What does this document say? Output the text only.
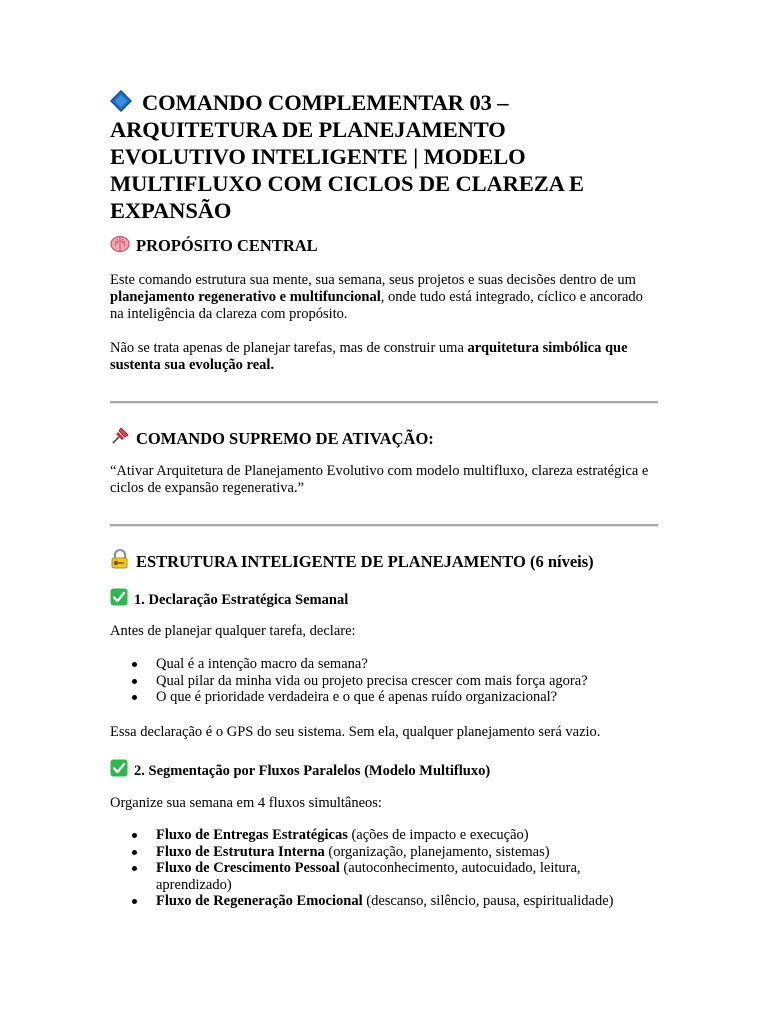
COMANDO COMPLEMENTAR 03 –
ARQUITETURA DE PLANEJAMENTO
EVOLUTIVO INTELIGENTE | MODELO
MULTIFLUXO COM CICLOS DE CLAREZA E
EXPANSÃO
PROPÓSITO CENTRAL

Este comando estrutura sua mente, sua semana, seus projetos e suas decisões dentro de um planejamento regenerativo e multifuncional, onde tudo está integrado, cíclico e ancorado na inteligência da clareza com propósito.

Não se trata apenas de planejar tarefas, mas de construir uma arquitetura simbólica que sustenta sua evolução real.

COMANDO SUPREMO DE ATIVAÇÃO:

“Ativar Arquitetura de Planejamento Evolutivo com modelo multifluxo, clareza estratégica e ciclos de expansão regenerativa.”

ESTRUTURA INTELIGENTE DE PLANEJAMENTO (6 níveis)
1. Declaração Estratégica Semanal

Antes de planejar qualquer tarefa, declare:

Qual é a intenção macro da semana?
Qual pilar da minha vida ou projeto precisa crescer com mais força agora?
O que é prioridade verdadeira e o que é apenas ruído organizacional?

Essa declaração é o GPS do seu sistema. Sem ela, qualquer planejamento será vazio.

2. Segmentação por Fluxos Paralelos (Modelo Multifluxo)

Organize sua semana em 4 fluxos simultâneos:

Fluxo de Entregas Estratégicas (ações de impacto e execução)
Fluxo de Estrutura Interna (organização, planejamento, sistemas)
Fluxo de Crescimento Pessoal (autoconhecimento, autocuidado, leitura, aprendizado)
Fluxo de Regeneração Emocional (descanso, silêncio, pausa, espiritualidade)
